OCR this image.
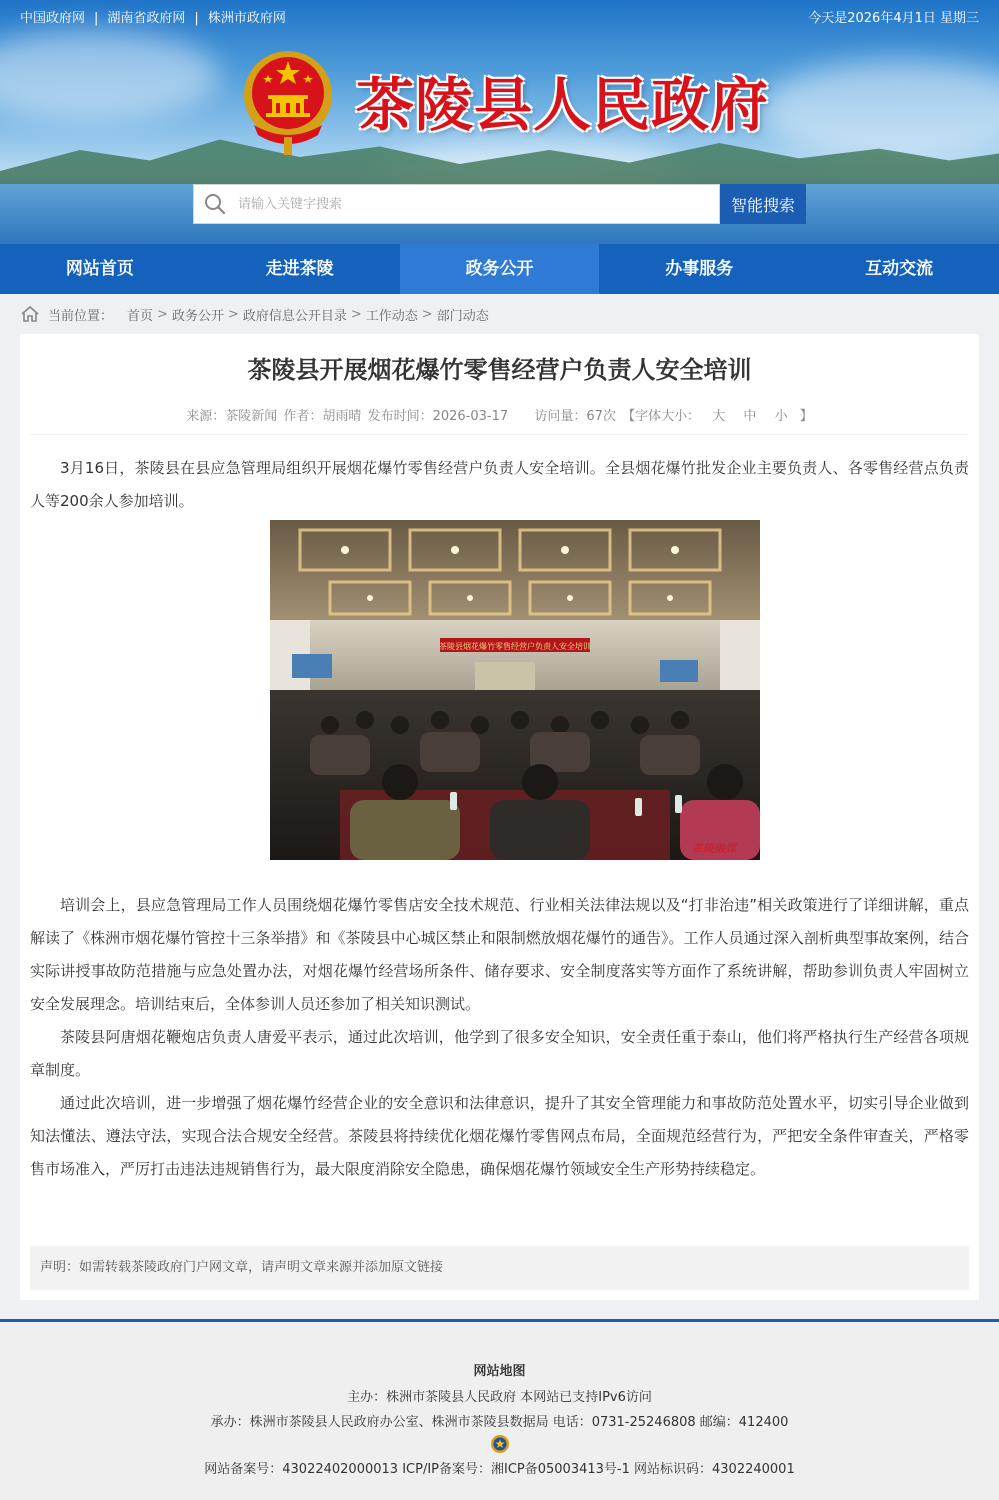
中国政府网 | 湖南省政府网 | 株洲市政府网	今天是2026年4月1日 星期三
茶陵县人民政府
请输入关键字搜索
智能搜索
网站首页	走进茶陵	政务公开	办事服务	互动交流
当前位置： 首页 > 政务公开 > 政府信息公开目录 > 工作动态 > 部门动态
茶陵县开展烟花爆竹零售经营户负责人安全培训
来源：茶陵新闻 作者：胡雨晴 发布时间：2026-03-17 访问量：67次 【字体大小： 大 中 小 】

3月16日，茶陵县在县应急管理局组织开展烟花爆竹零售经营户负责人安全培训。全县烟花爆竹批发企业主要负责人、各零售经营点负责人等200余人参加培训。

茶陵县烟花爆竹零售经营户负责人安全培训
茶陵融媒

培训会上，县应急管理局工作人员围绕烟花爆竹零售店安全技术规范、行业相关法律法规以及“打非治违”相关政策进行了详细讲解，重点解读了《株洲市烟花爆竹管控十三条举措》和《茶陵县中心城区禁止和限制燃放烟花爆竹的通告》。工作人员通过深入剖析典型事故案例，结合实际讲授事故防范措施与应急处置办法，对烟花爆竹经营场所条件、储存要求、安全制度落实等方面作了系统讲解，帮助参训负责人牢固树立安全发展理念。培训结束后，全体参训人员还参加了相关知识测试。

茶陵县阿唐烟花鞭炮店负责人唐爱平表示，通过此次培训，他学到了很多安全知识，安全责任重于泰山，他们将严格执行生产经营各项规章制度。

通过此次培训，进一步增强了烟花爆竹经营企业的安全意识和法律意识，提升了其安全管理能力和事故防范处置水平，切实引导企业做到知法懂法、遵法守法，实现合法合规安全经营。茶陵县将持续优化烟花爆竹零售网点布局，全面规范经营行为，严把安全条件审查关，严格零售市场准入，严厉打击违法违规销售行为，最大限度消除安全隐患，确保烟花爆竹领域安全生产形势持续稳定。

声明：如需转载茶陵政府门户网文章，请声明文章来源并添加原文链接
网站地图
主办：株洲市茶陵县人民政府 本网站已支持IPv6访问
承办：株洲市茶陵县人民政府办公室、株洲市茶陵县数据局 电话：0731-25246808 邮编：412400
网站备案号：43022402000013 ICP/IP备案号：湘ICP备05003413号-1 网站标识码：4302240001
